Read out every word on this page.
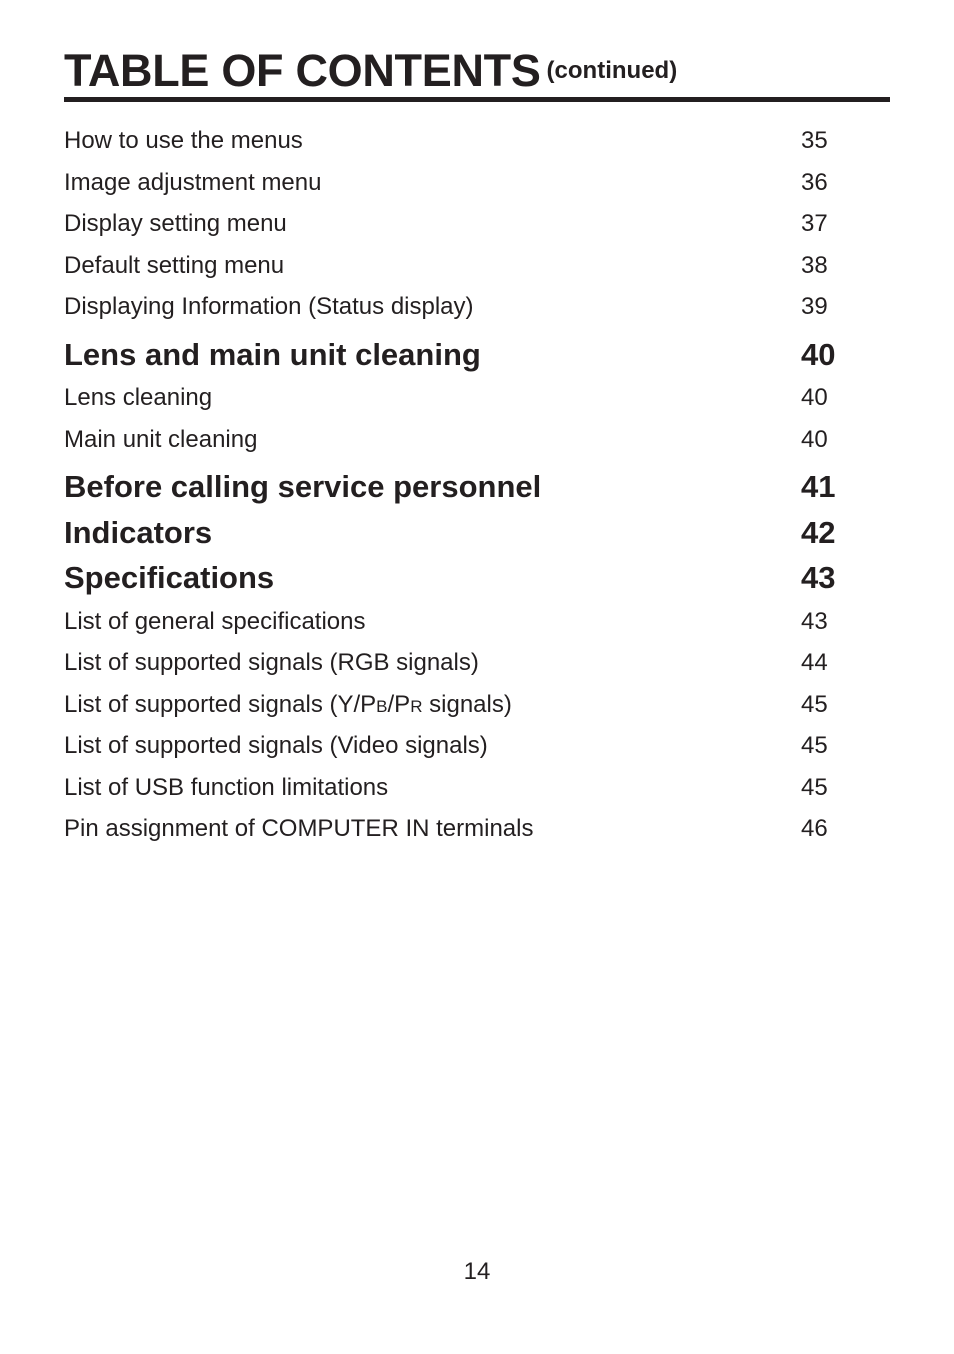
TABLE OF CONTENTS (continued)
How to use the menus	35
Image adjustment menu	36
Display setting menu	37
Default setting menu	38
Displaying Information (Status display)	39
Lens and main unit cleaning	40
Lens cleaning	40
Main unit cleaning	40
Before calling service personnel	41
Indicators	42
Specifications	43
List of general specifications	43
List of supported signals (RGB signals)	44
List of supported signals (Y/PB/PR signals)	45
List of supported signals (Video signals)	45
List of USB function limitations	45
Pin assignment of COMPUTER IN terminals	46
14
